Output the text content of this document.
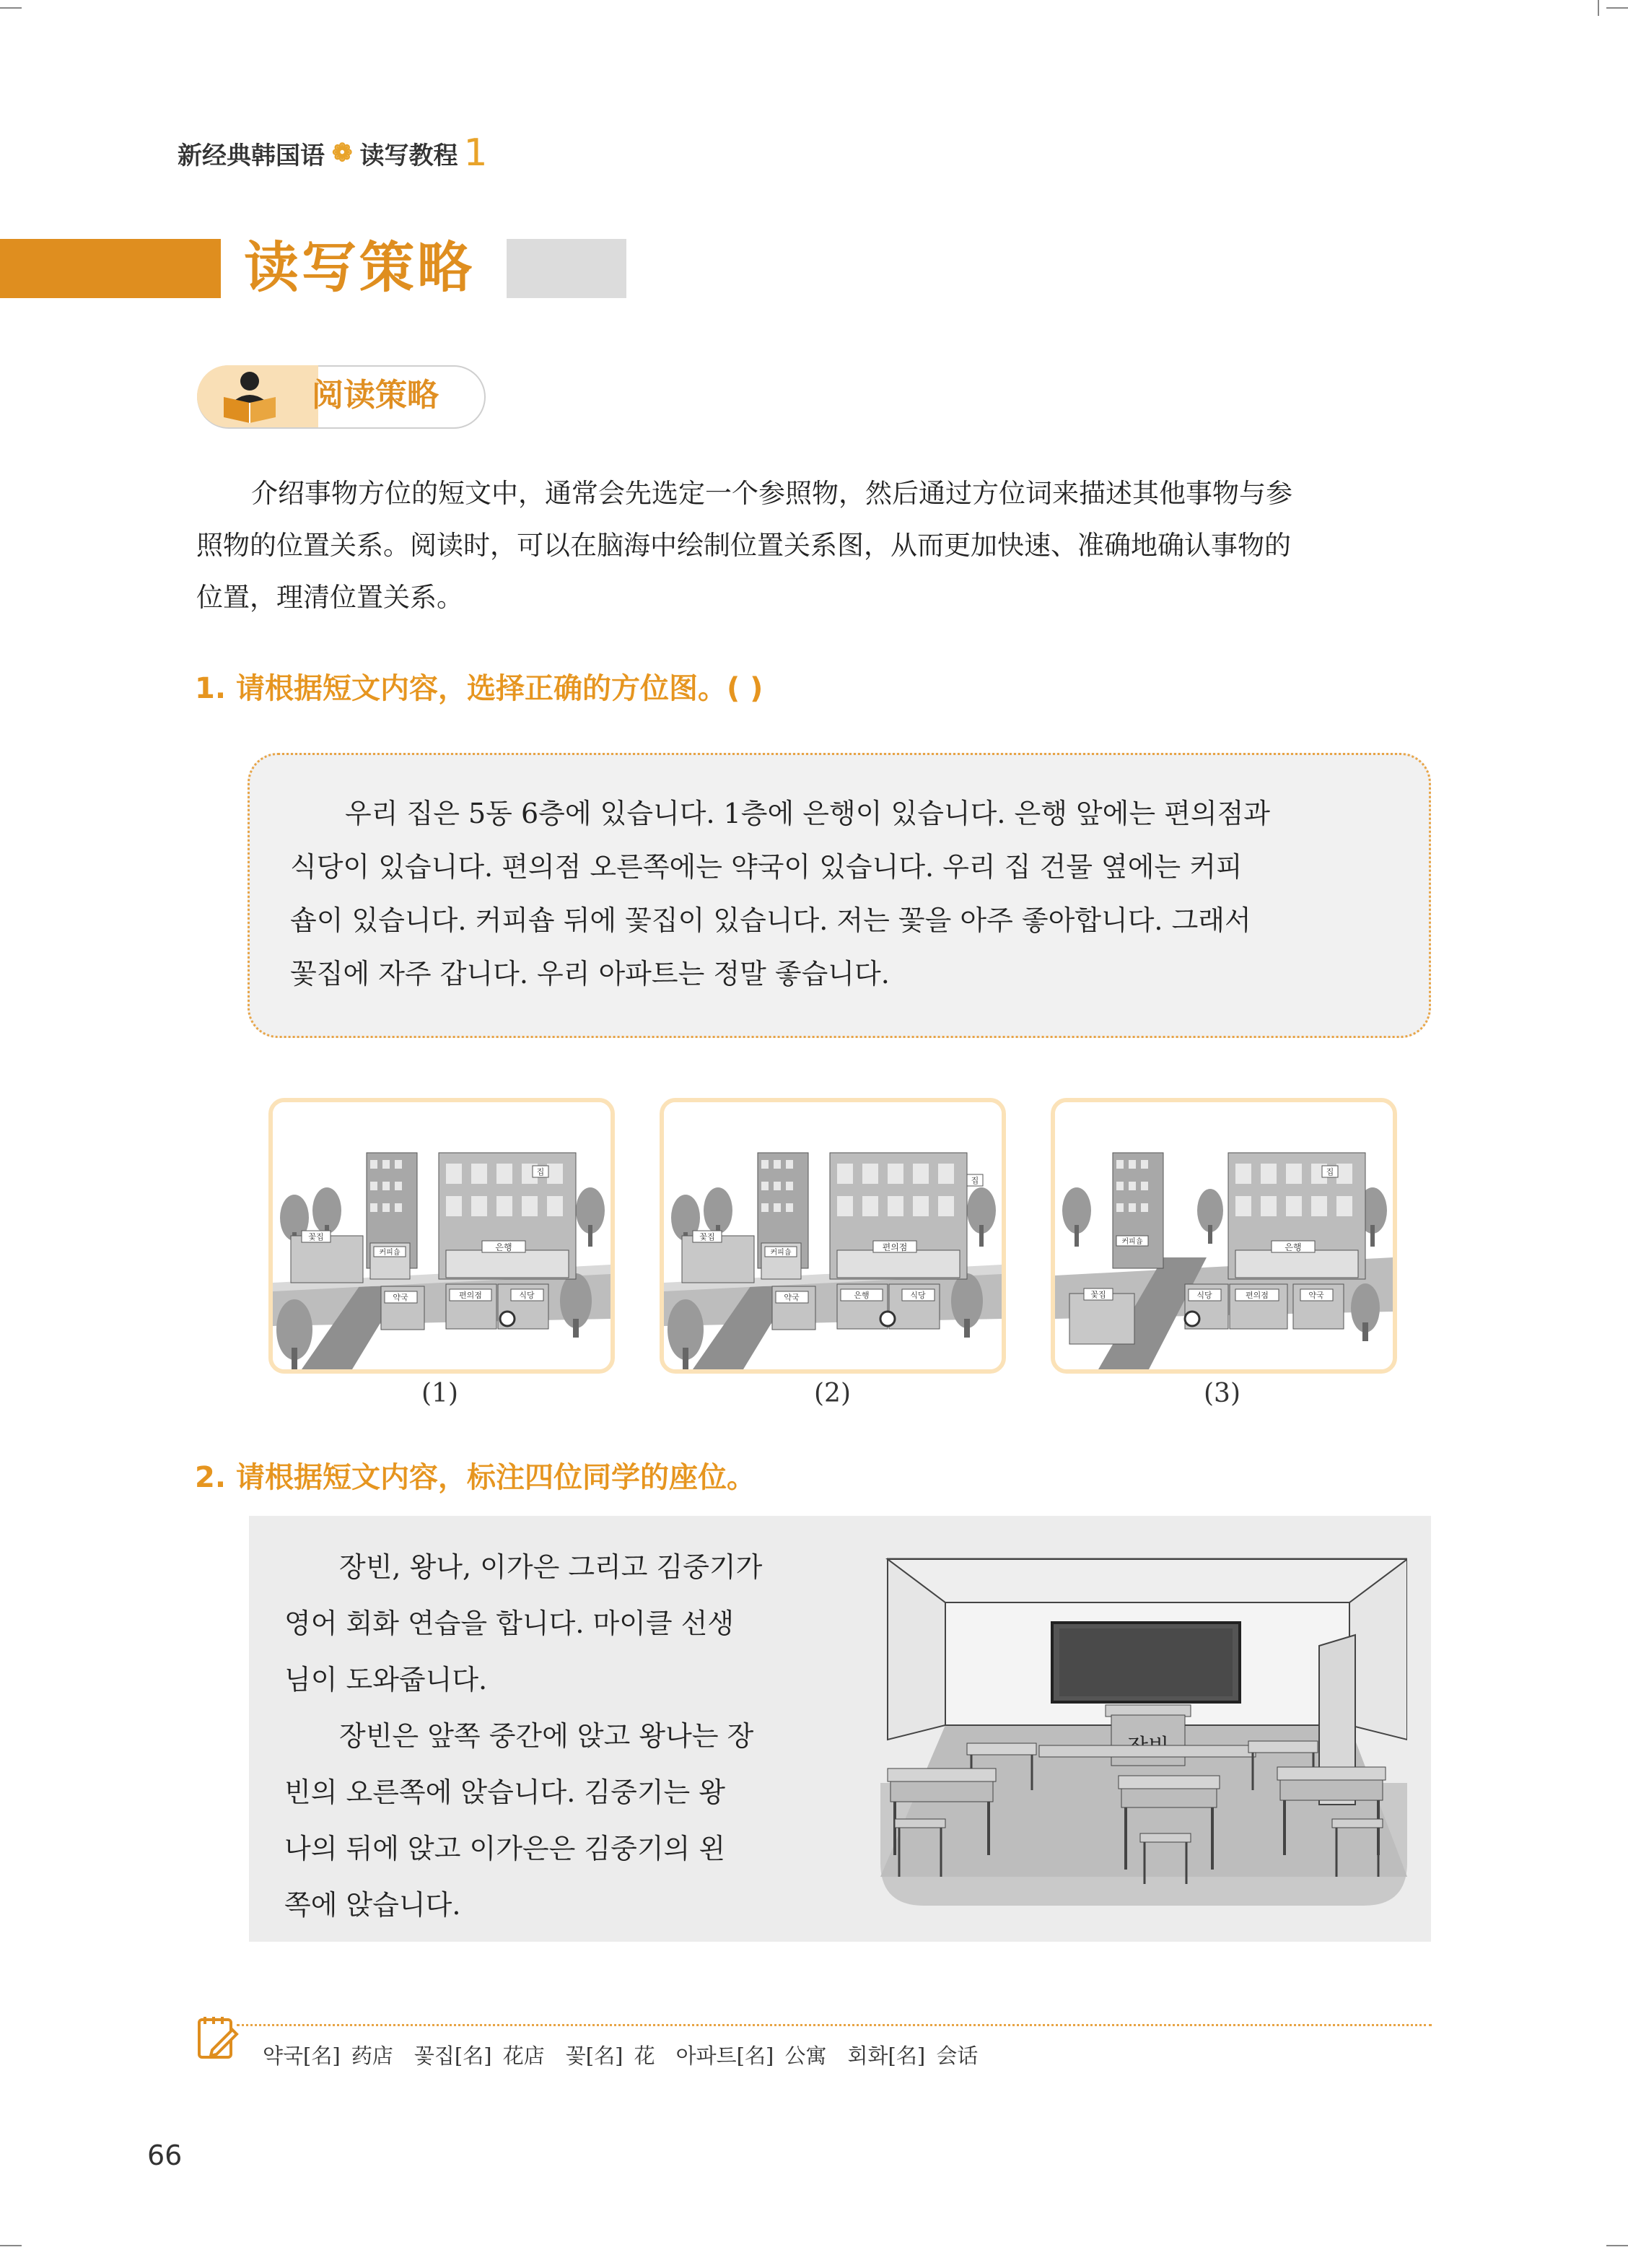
新经典韩国语 ❁ 读写教程 1
读写策略
阅读策略
介绍事物方位的短文中，通常会先选定一个参照物，然后通过方位词来描述其他事物与参
照物的位置关系。阅读时，可以在脑海中绘制位置关系图，从而更加快速、准确地确认事物的
位置，理清位置关系。
1. 请根据短文内容，选择正确的方位图。( )
우리 집은 5동 6층에 있습니다. 1층에 은행이 있습니다. 은행 앞에는 편의점과
식당이 있습니다. 편의점 오른쪽에는 약국이 있습니다. 우리 집 건물 옆에는 커피
숍이 있습니다. 커피숍 뒤에 꽃집이 있습니다. 저는 꽃을 아주 좋아합니다. 그래서
꽃집에 자주 갑니다. 우리 아파트는 정말 좋습니다.
은행
집
꽃집
커피숍
약국	편의점	식당
(1)
편의점
집
꽃집
커피숍
약국	은행	식당
(2)
커피숍
은행
집
꽃집	식당	편의점	약국
(3)
2. 请根据短文内容，标注四位同学的座位。
장빈, 왕나, 이가은 그리고 김중기가
영어 회화 연습을 합니다. 마이클 선생
님이 도와줍니다.
장빈은 앞쪽 중간에 앉고 왕나는 장
빈의 오른쪽에 앉습니다. 김중기는 왕
나의 뒤에 앉고 이가은은 김중기의 왼
쪽에 앉습니다.
약국[名] 药店　꽃집[名] 花店　꽃[名] 花　아파트[名] 公寓　회화[名] 会话
66
